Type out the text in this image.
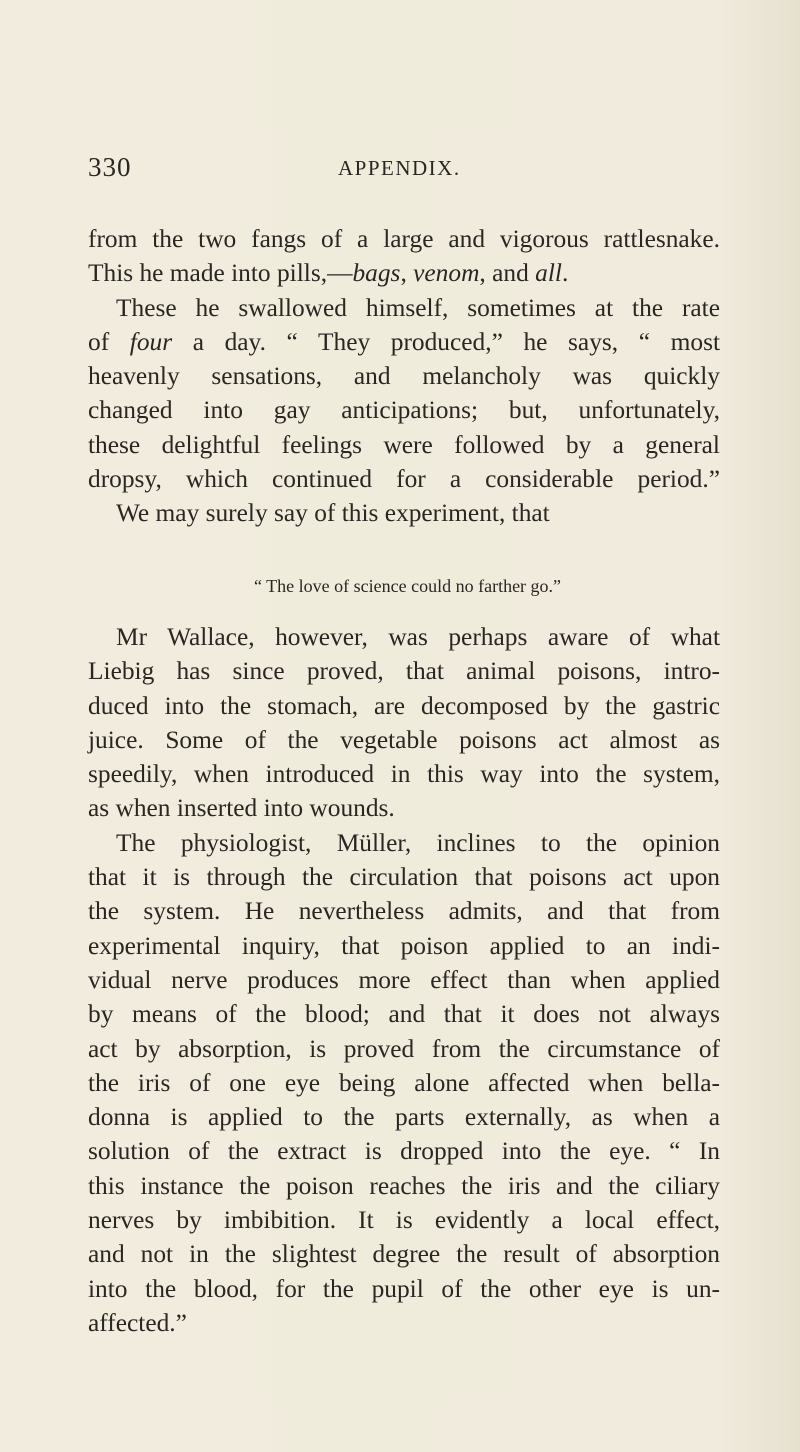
330	APPENDIX.

from the two fangs of a large and vigorous rattlesnake.

This he made into pills,—bags, venom, and all.

These he swallowed himself, sometimes at the rate

of four a day. “ They produced,” he says, “ most

heavenly sensations, and melancholy was quickly

changed into gay anticipations; but, unfortunately,

these delightful feelings were followed by a general

dropsy, which continued for a considerable period.”

We may surely say of this experiment, that

“ The love of science could no farther go.”

Mr Wallace, however, was perhaps aware of what

Liebig has since proved, that animal poisons, intro-

duced into the stomach, are decomposed by the gastric

juice. Some of the vegetable poisons act almost as

speedily, when introduced in this way into the system,

as when inserted into wounds.

The physiologist, Müller, inclines to the opinion

that it is through the circulation that poisons act upon

the system. He nevertheless admits, and that from

experimental inquiry, that poison applied to an indi-

vidual nerve produces more effect than when applied

by means of the blood; and that it does not always

act by absorption, is proved from the circumstance of

the iris of one eye being alone affected when bella-

donna is applied to the parts externally, as when a

solution of the extract is dropped into the eye. “ In

this instance the poison reaches the iris and the ciliary

nerves by imbibition. It is evidently a local effect,

and not in the slightest degree the result of absorption

into the blood, for the pupil of the other eye is un-

affected.”
